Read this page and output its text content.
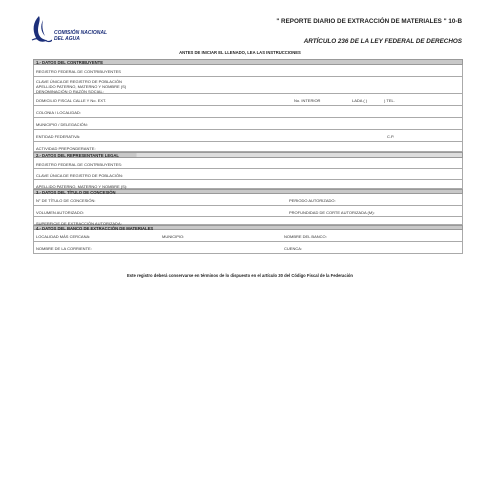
COMISIÓN NACIONAL
DEL AGUA
" REPORTE DIARIO DE EXTRACCIÓN DE MATERIALES " 10-B
ARTÍCULO 236 DE LA LEY FEDERAL DE DERECHOS
ANTES DE INICIAR EL LLENADO, LEA LAS INSTRUCCIONES
1.- DATOS DEL CONTRIBUYENTE
REGISTRO FEDERAL DE CONTRIBUYENTES
CLAVE ÚNICA DE REGISTRO DE POBLACIÓN
APELLIDO PATERNO, MATERNO Y NOMBRE (S)
DENOMINACIÓN O RAZÓN SOCIAL:
DOMICILIO FISCAL CALLE Y No. EXT.	No. INTERIOR	LADA ( )	) TEL.
COLONIA / LOCALIDAD:
MUNICIPIO / DELEGACIÓN:
ENTIDAD FEDERATIVA:	C.P.
ACTIVIDAD PREPONDERANTE:
2.- DATOS DEL REPRESENTANTE LEGAL
REGISTRO FEDERAL DE CONTRIBUYENTES:
CLAVE ÚNICA DE REGISTRO DE POBLACIÓN:
APELLIDO PATERNO, MATERNO Y NOMBRE (S):
3.- DATOS DEL TÍTULO DE CONCESIÓN
N° DE TÍTULO DE CONCESIÓN:	PERIODO AUTORIZADO:
VOLUMEN AUTORIZADO:	PROFUNDIDAD DE CORTE AUTORIZADA (M):
SUPERFICIE DE EXTRACCIÓN AUTORIZADA:
4.- DATOS DEL BANCO DE EXTRACCIÓN DE MATERIALES
LOCALIDAD MÁS CERCANA:	MUNICIPIO:	NOMBRE DEL BANCO:
NOMBRE DE LA CORRIENTE:	CUENCA:
Este registro deberá conservarse en términos de lo dispuesto en el artículo 30 del Código Fiscal de la Federación
